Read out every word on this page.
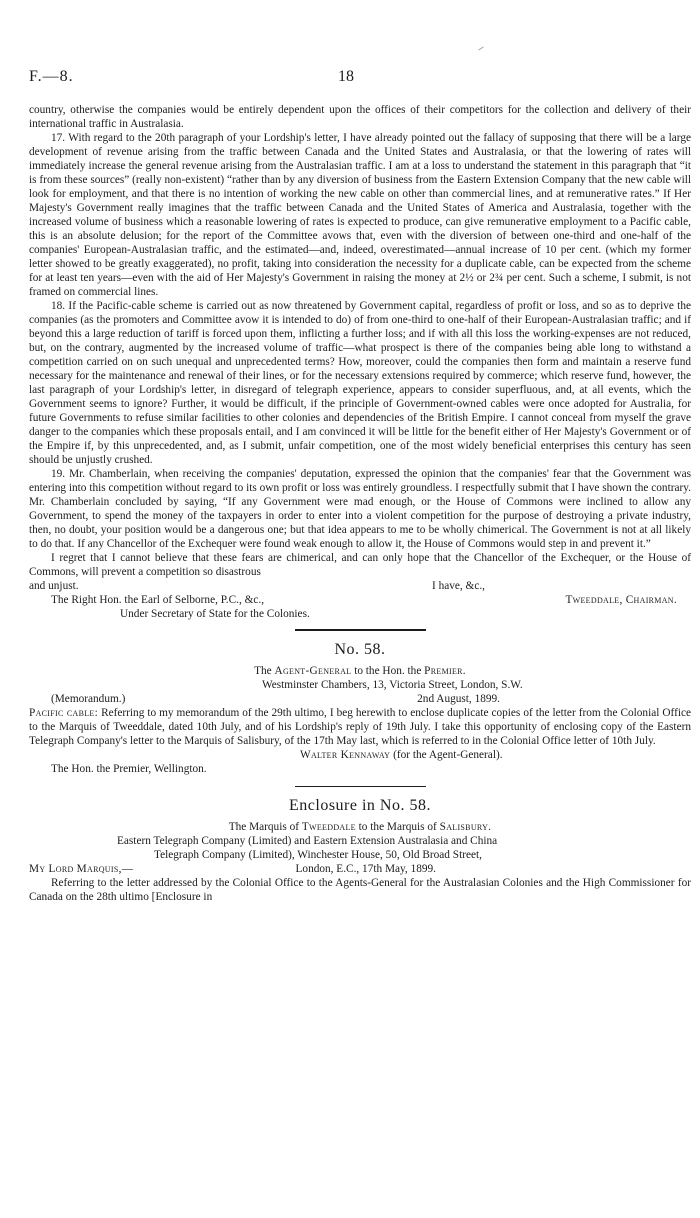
F.—8.	18

country, otherwise the companies would be entirely dependent upon the offices of their competitors for the collection and delivery of their international traffic in Australasia.

17. With regard to the 20th paragraph of your Lordship's letter, I have already pointed out the fallacy of supposing that there will be a large development of revenue arising from the traffic between Canada and the United States and Australasia, or that the lowering of rates will immediately increase the general revenue arising from the Australasian traffic. I am at a loss to understand the statement in this paragraph that “it is from these sources” (really non-existent) “rather than by any diversion of business from the Eastern Extension Company that the new cable will look for employment, and that there is no intention of working the new cable on other than commercial lines, and at remunerative rates.” If Her Majesty's Government really imagines that the traffic between Canada and the United States of America and Australasia, together with the increased volume of business which a reasonable lowering of rates is expected to produce, can give remunerative employment to a Pacific cable, this is an absolute delusion; for the report of the Committee avows that, even with the diversion of between one-third and one-half of the companies' European-Australasian traffic, and the estimated—and, indeed, overestimated—annual increase of 10 per cent. (which my former letter showed to be greatly exaggerated), no profit, taking into consideration the necessity for a duplicate cable, can be expected from the scheme for at least ten years—even with the aid of Her Majesty's Government in raising the money at 2½ or 2¾ per cent. Such a scheme, I submit, is not framed on commercial lines.

18. If the Pacific-cable scheme is carried out as now threatened by Government capital, regardless of profit or loss, and so as to deprive the companies (as the promoters and Committee avow it is intended to do) of from one-third to one-half of their European-Australasian traffic; and if beyond this a large reduction of tariff is forced upon them, inflicting a further loss; and if with all this loss the working-expenses are not reduced, but, on the contrary, augmented by the increased volume of traffic—what prospect is there of the companies being able long to withstand a competition carried on on such unequal and unprecedented terms? How, moreover, could the companies then form and maintain a reserve fund necessary for the maintenance and renewal of their lines, or for the necessary extensions required by commerce; which reserve fund, however, the last paragraph of your Lordship's letter, in disregard of telegraph experience, appears to consider superfluous, and, at all events, which the Government seems to ignore? Further, it would be difficult, if the principle of Government-owned cables were once adopted for Australia, for future Governments to refuse similar facilities to other colonies and dependencies of the British Empire. I cannot conceal from myself the grave danger to the companies which these proposals entail, and I am convinced it will be little for the benefit either of Her Majesty's Government or of the Empire if, by this unprecedented, and, as I submit, unfair competition, one of the most widely beneficial enterprises this century has seen should be unjustly crushed.

19. Mr. Chamberlain, when receiving the companies' deputation, expressed the opinion that the companies' fear that the Government was entering into this competition without regard to its own profit or loss was entirely groundless. I respectfully submit that I have shown the contrary. Mr. Chamberlain concluded by saying, “If any Government were mad enough, or the House of Commons were inclined to allow any Government, to spend the money of the taxpayers in order to enter into a violent competition for the purpose of destroying a private industry, then, no doubt, your position would be a dangerous one; but that idea appears to me to be wholly chimerical. The Government is not at all likely to do that. If any Chancellor of the Exchequer were found weak enough to allow it, the House of Commons would step in and prevent it.”

I regret that I cannot believe that these fears are chimerical, and can only hope that the Chancellor of the Exchequer, or the House of Commons, will prevent a competition so disastrous

and unjust.	I have, &c.,
The Right Hon. the Earl of Selborne, P.C., &c.,	Tweeddale, Chairman.
Under Secretary of State for the Colonies.
No. 58.
The Agent-General to the Hon. the Premier.
Westminster Chambers, 13, Victoria Street, London, S.W.
(Memorandum.)	2nd August, 1899.

Pacific cable: Referring to my memorandum of the 29th ultimo, I beg herewith to enclose duplicate copies of the letter from the Colonial Office to the Marquis of Tweeddale, dated 10th July, and of his Lordship's reply of 19th July. I take this opportunity of enclosing copy of the Eastern Telegraph Company's letter to the Marquis of Salisbury, of the 17th May last, which is referred to in the Colonial Office letter of 10th July.

Walter Kennaway (for the Agent-General).
The Hon. the Premier, Wellington.
Enclosure in No. 58.
The Marquis of Tweeddale to the Marquis of Salisbury.
Eastern Telegraph Company (Limited) and Eastern Extension Australasia and China
Telegraph Company (Limited), Winchester House, 50, Old Broad Street,
My Lord Marquis,—	London, E.C., 17th May, 1899.

Referring to the letter addressed by the Colonial Office to the Agents-General for the Australasian Colonies and the High Commissioner for Canada on the 28th ultimo [Enclosure in
